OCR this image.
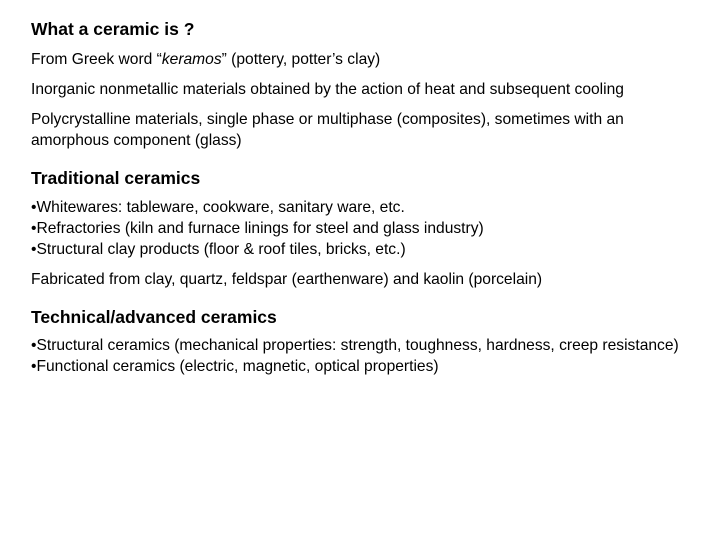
What a ceramic is ?

From Greek word “keramos” (pottery, potter’s clay)

Inorganic nonmetallic materials obtained by the action of heat and subsequent cooling

Polycrystalline materials, single phase or multiphase (composites), sometimes with an amorphous component (glass)

Traditional ceramics

•Whitewares: tableware, cookware, sanitary ware, etc.

•Refractories (kiln and furnace linings for steel and glass industry)

•Structural clay products (floor & roof tiles, bricks, etc.)

Fabricated from clay, quartz, feldspar (earthenware) and kaolin (porcelain)

Technical/advanced ceramics

•Structural ceramics (mechanical properties: strength, toughness, hardness, creep resistance)

•Functional ceramics (electric, magnetic, optical properties)
